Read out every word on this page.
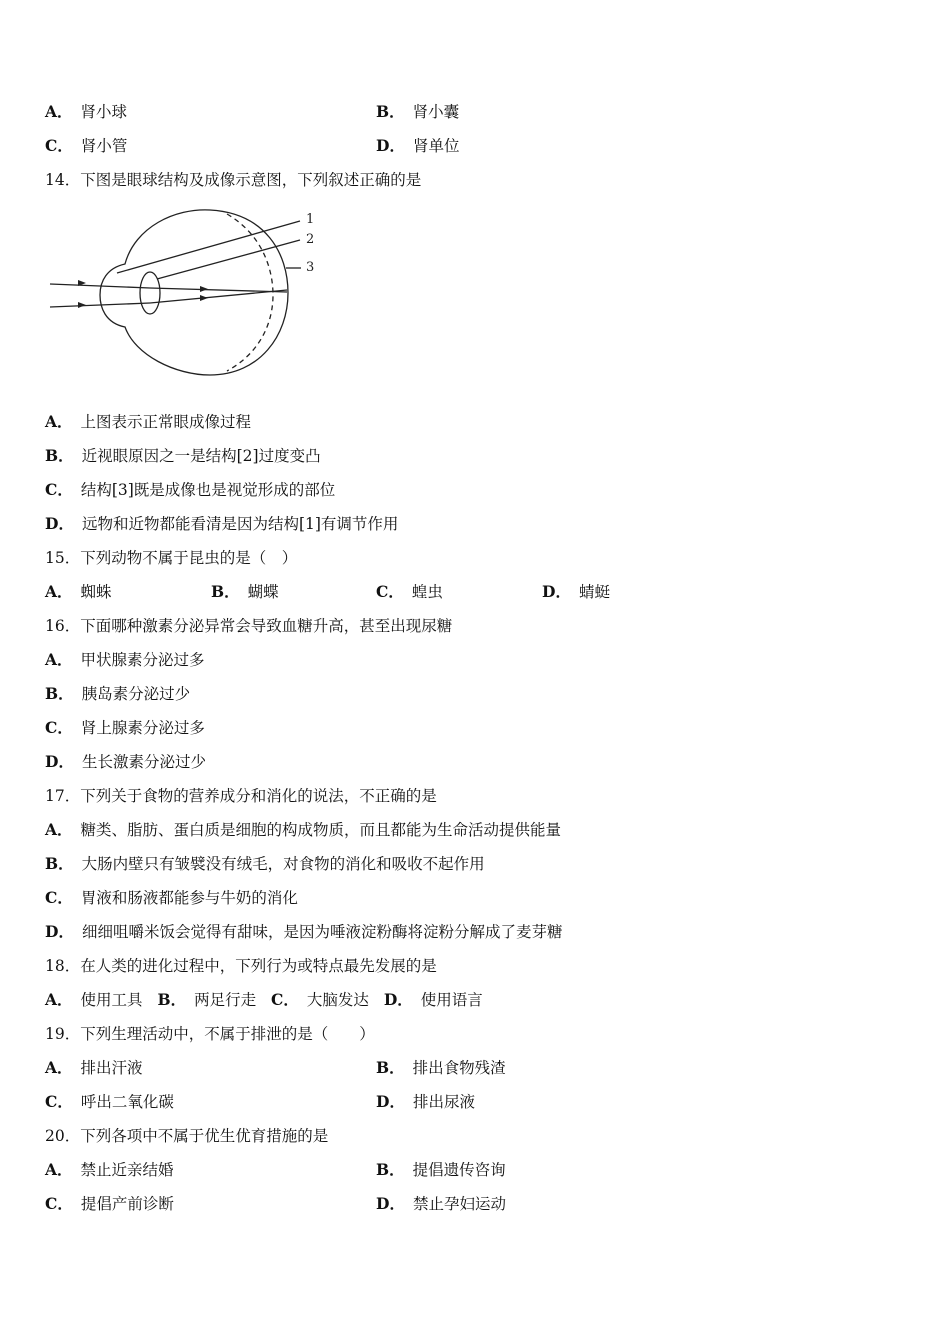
A． 肾小球	B． 肾小囊
C． 肾小管	D． 肾单位
14．下图是眼球结构及成像示意图，下列叙述正确的是
1
2
3
A． 上图表示正常眼成像过程
B． 近视眼原因之一是结构[2]过度变凸
C． 结构[3]既是成像也是视觉形成的部位
D． 远物和近物都能看清是因为结构[1]有调节作用
15．下列动物不属于昆虫的是（　）
A． 蜘蛛	B． 蝴蝶	C． 蝗虫	D． 蜻蜓
16．下面哪种激素分泌异常会导致血糖升高，甚至出现尿糖
A． 甲状腺素分泌过多
B． 胰岛素分泌过少
C． 肾上腺素分泌过多
D． 生长激素分泌过少
17．下列关于食物的营养成分和消化的说法，不正确的是
A． 糖类、脂肪、蛋白质是细胞的构成物质，而且都能为生命活动提供能量
B． 大肠内壁只有皱襞没有绒毛，对食物的消化和吸收不起作用
C． 胃液和肠液都能参与牛奶的消化
D． 细细咀嚼米饭会觉得有甜味，是因为唾液淀粉酶将淀粉分解成了麦芽糖
18．在人类的进化过程中，下列行为或特点最先发展的是
A． 使用工具 B． 两足行走 C． 大脑发达 D． 使用语言
19．下列生理活动中，不属于排泄的是（　　）
A． 排出汗液	B． 排出食物残渣
C． 呼出二氧化碳	D． 排出尿液
20．下列各项中不属于优生优育措施的是
A． 禁止近亲结婚	B． 提倡遗传咨询
C． 提倡产前诊断	D． 禁止孕妇运动
